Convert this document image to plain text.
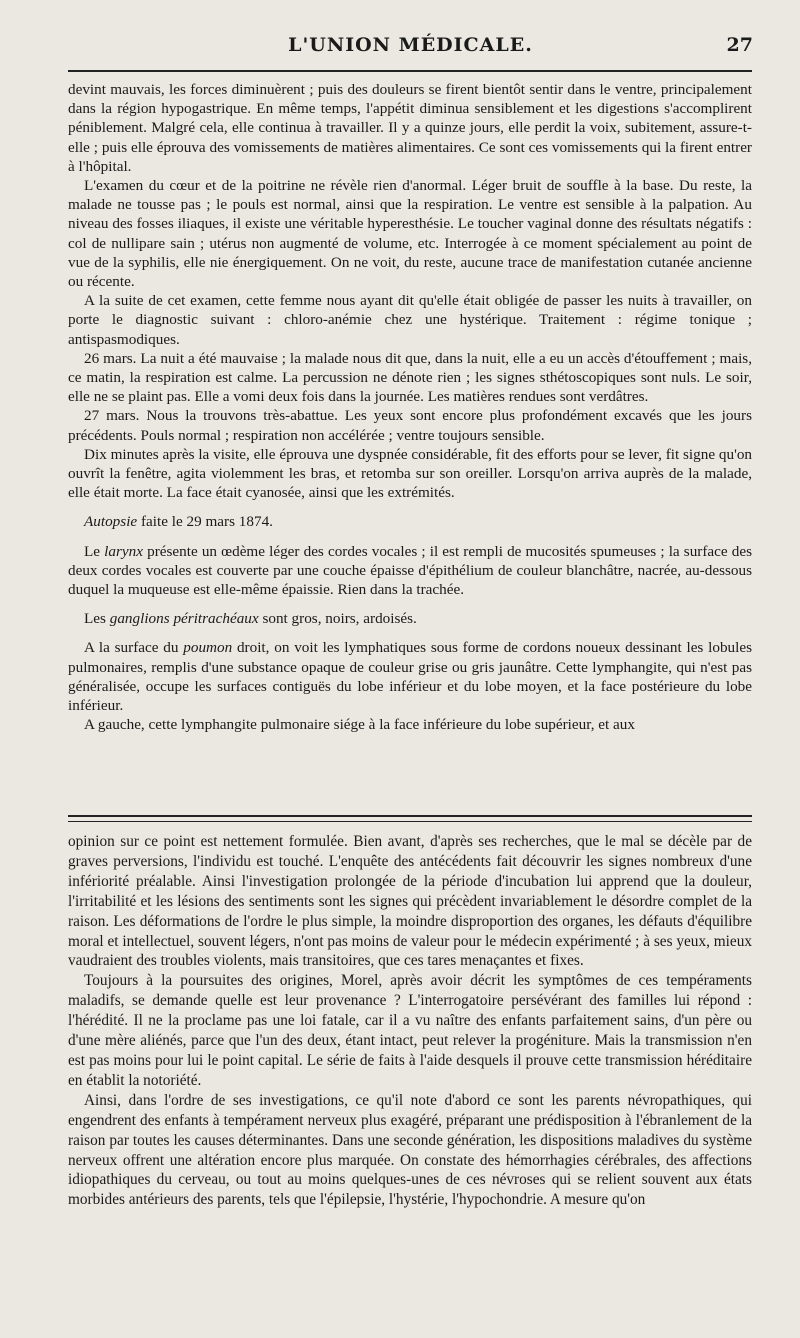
L'UNION MÉDICALE.	27

devint mauvais, les forces diminuèrent ; puis des douleurs se firent bientôt sentir dans le ventre, principalement dans la région hypogastrique. En même temps, l'appétit diminua sensiblement et les digestions s'accomplirent péniblement. Malgré cela, elle continua à travailler. Il y a quinze jours, elle perdit la voix, subitement, assure-t-elle ; puis elle éprouva des vomissements de matières alimentaires. Ce sont ces vomissements qui la firent entrer à l'hôpital.

L'examen du cœur et de la poitrine ne révèle rien d'anormal. Léger bruit de souffle à la base. Du reste, la malade ne tousse pas ; le pouls est normal, ainsi que la respiration. Le ventre est sensible à la palpation. Au niveau des fosses iliaques, il existe une véritable hyperesthésie. Le toucher vaginal donne des résultats négatifs : col de nullipare sain ; utérus non augmenté de volume, etc. Interrogée à ce moment spécialement au point de vue de la syphilis, elle nie énergiquement. On ne voit, du reste, aucune trace de manifestation cutanée ancienne ou récente.

A la suite de cet examen, cette femme nous ayant dit qu'elle était obligée de passer les nuits à travailler, on porte le diagnostic suivant : chloro-anémie chez une hystérique. Traitement : régime tonique ; antispasmodiques.

26 mars. La nuit a été mauvaise ; la malade nous dit que, dans la nuit, elle a eu un accès d'étouffement ; mais, ce matin, la respiration est calme. La percussion ne dénote rien ; les signes sthétoscopiques sont nuls. Le soir, elle ne se plaint pas. Elle a vomi deux fois dans la journée. Les matières rendues sont verdâtres.

27 mars. Nous la trouvons très-abattue. Les yeux sont encore plus profondément excavés que les jours précédents. Pouls normal ; respiration non accélérée ; ventre toujours sensible.

Dix minutes après la visite, elle éprouva une dyspnée considérable, fit des efforts pour se lever, fit signe qu'on ouvrît la fenêtre, agita violemment les bras, et retomba sur son oreiller. Lorsqu'on arriva auprès de la malade, elle était morte. La face était cyanosée, ainsi que les extrémités.

Autopsie faite le 29 mars 1874.

Le larynx présente un œdème léger des cordes vocales ; il est rempli de mucosités spumeuses ; la surface des deux cordes vocales est couverte par une couche épaisse d'épithélium de couleur blanchâtre, nacrée, au-dessous duquel la muqueuse est elle-même épaissie. Rien dans la trachée.

Les ganglions péritrachéaux sont gros, noirs, ardoisés.

A la surface du poumon droit, on voit les lymphatiques sous forme de cordons noueux dessinant les lobules pulmonaires, remplis d'une substance opaque de couleur grise ou gris jaunâtre. Cette lymphangite, qui n'est pas généralisée, occupe les surfaces contiguës du lobe inférieur et du lobe moyen, et la face postérieure du lobe inférieur.

A gauche, cette lymphangite pulmonaire siége à la face inférieure du lobe supérieur, et aux

opinion sur ce point est nettement formulée. Bien avant, d'après ses recherches, que le mal se décèle par de graves perversions, l'individu est touché. L'enquête des antécédents fait découvrir les signes nombreux d'une infériorité préalable. Ainsi l'investigation prolongée de la période d'incubation lui apprend que la douleur, l'irritabilité et les lésions des sentiments sont les signes qui précèdent invariablement le désordre complet de la raison. Les déformations de l'ordre le plus simple, la moindre disproportion des organes, les défauts d'équilibre moral et intellectuel, souvent légers, n'ont pas moins de valeur pour le médecin expérimenté ; à ses yeux, mieux vaudraient des troubles violents, mais transitoires, que ces tares menaçantes et fixes.

Toujours à la poursuites des origines, Morel, après avoir décrit les symptômes de ces tempéraments maladifs, se demande quelle est leur provenance ? L'interrogatoire persévérant des familles lui répond : l'hérédité. Il ne la proclame pas une loi fatale, car il a vu naître des enfants parfaitement sains, d'un père ou d'une mère aliénés, parce que l'un des deux, étant intact, peut relever la progéniture. Mais la transmission n'en est pas moins pour lui le point capital. Le série de faits à l'aide desquels il prouve cette transmission héréditaire en établit la notoriété.

Ainsi, dans l'ordre de ses investigations, ce qu'il note d'abord ce sont les parents névropathiques, qui engendrent des enfants à tempérament nerveux plus exagéré, préparant une prédisposition à l'ébranlement de la raison par toutes les causes déterminantes. Dans une seconde génération, les dispositions maladives du système nerveux offrent une altération encore plus marquée. On constate des hémorrhagies cérébrales, des affections idiopathiques du cerveau, ou tout au moins quelques-unes de ces névroses qui se relient souvent aux états morbides antérieurs des parents, tels que l'épilepsie, l'hystérie, l'hypochondrie. A mesure qu'on
